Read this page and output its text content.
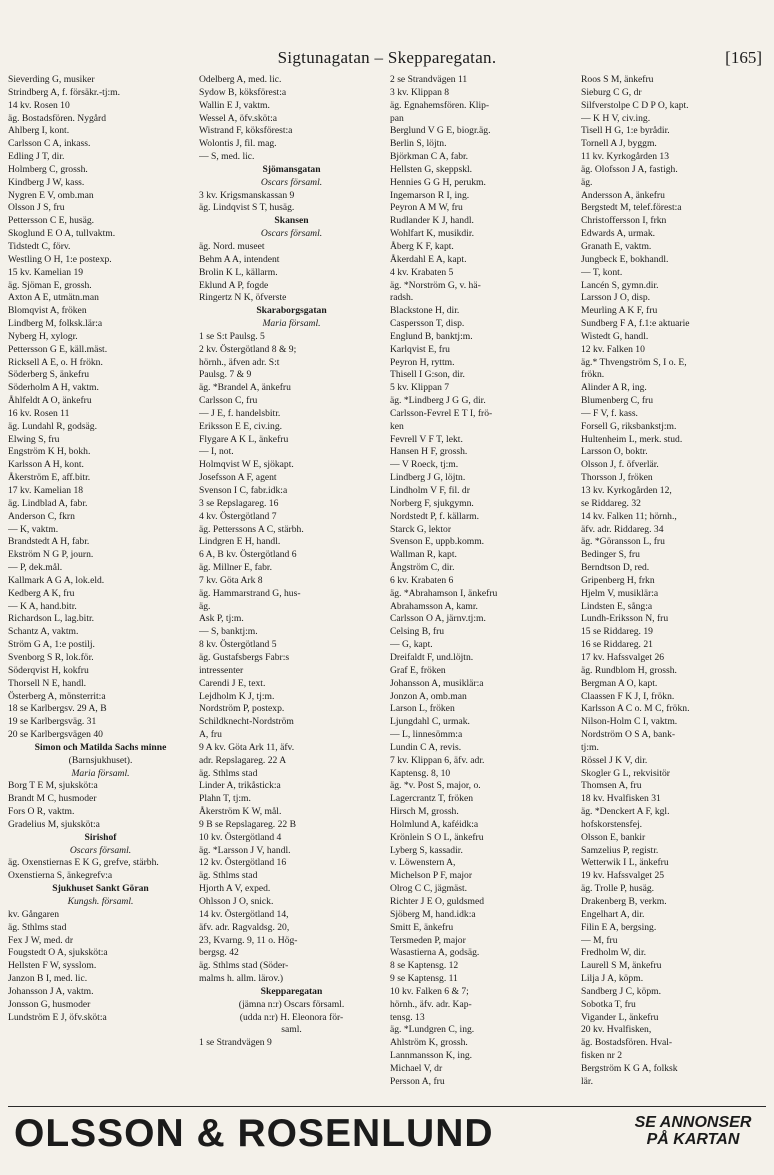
Sigtunagatan – Skepparegatan.	[165]
Sieverding G, musiker
Strindberg A, f. försäkr.-tj:m.
14 kv. Rosen 10
äg. Bostadsfören. Nygård
Ahlberg I, kont.
Carlsson C A, inkass.
Edling J T, dir.
Holmberg C, grossh.
Kindberg J W, kass.
Nygren E V, omb.man
Olsson J S, fru
Pettersson C E, husäg.
Skoglund E O A, tullvaktm.
Tidstedt C, förv.
Westling O H, 1:e postexp.
15 kv. Kamelian 19
äg. Sjöman E, grossh.
Axton A E, utmätn.man
Blomqvist A, fröken
Lindberg M, folksk.lär:a
Nyberg H, xylogr.
Pettersson G E, käll.mäst.
Ricksell A E, o. H frökn.
Söderberg S, änkefru
Söderholm A H, vaktm.
Åhlfeldt A O, änkefru
16 kv. Rosen 11
äg. Lundahl R, godsäg.
Elwing S, fru
Engström K H, bokh.
Karlsson A H, kont.
Åkerström E, aff.bitr.
17 kv. Kamelian 18
äg. Lindblad A, fabr.
Anderson C, fkrn
— K, vaktm.
Brandstedt A H, fabr.
Ekström N G P, journ.
— P, dek.mål.
Kallmark A G A, lok.eld.
Kedberg A K, fru
— K A, hand.bitr.
Richardson L, lag.bitr.
Schantz A, vaktm.
Ström G A, 1:e postilj.
Svenborg S R, lok.för.
Söderqvist H, kokfru
Thorsell N E, handl.
Österberg A, mönsterrit:a
18 se Karlbergsv. 29 A, B
19 se Karlbergsväg. 31
20 se Karlbergsvägen 40
Simon och Matilda Sachs minne
(Barnsjukhuset).
Maria församl.
Borg T E M, sjuksköt:a
Brandt M C, husmoder
Fors O R, vaktm.
Gradelius M, sjuksköt:a
Sirishof
Oscars församl.
äg. Oxenstiernas E K G, grefve, stärbh.
Oxenstierna S, änkegrefv:a
Sjukhuset Sankt Göran
Kungsh. församl.
kv. Gångaren
äg. Sthlms stad
Fex J W, med. dr
Fougstedt O A, sjuksköt:a
Hellsten F W, sysslom.
Janzon B I, med. lic.
Johansson J A, vaktm.
Jonsson G, husmoder
Lundström E J, öfv.sköt:a
Odelberg A, med. lic.
Sydow B, köksförest:a
Wallin E J, vaktm.
Wessel A, öfv.sköt:a
Wistrand F, köksförest:a
Wolontis J, fil. mag.
— S, med. lic.
Sjömansgatan
Oscars församl.
3 kv. Krigsmanskassan 9
äg. Lindqvist S T, husäg.
Skansen
Oscars församl.
äg. Nord. museet
Behm A A, intendent
Brolin K L, källarm.
Eklund A P, fogde
Ringertz N K, öfverste
Skaraborgsgatan
Maria församl.
1 se S:t Paulsg. 5
2 kv. Östergötland 8 & 9;
hörnh., äfven adr. S:t
Paulsg. 7 & 9
äg. *Brandel A, änkefru
Carlsson C, fru
— J E, f. handelsbitr.
Eriksson E E, civ.ing.
Flygare A K L, änkefru
— I, not.
Holmqvist W E, sjökapt.
Josefsson A F, agent
Svenson I C, fabr.idk:a
3 se Repslagareg. 16
4 kv. Östergötland 7
äg. Petterssons A C, stärbh.
Lindgren E H, handl.
6 A, B kv. Östergötland 6
äg. Millner E, fabr.
7 kv. Göta Ark 8
äg. Hammarstrand G, hus-
äg.
Ask P, tj:m.
— S, banktj:m.
8 kv. Östergötland 5
äg. Gustafsbergs Fabr:s
intressenter
Carendi J E, text.
Lejdholm K J, tj:m.
Nordström P, postexp.
Schildknecht-Nordström
A, fru
9 A kv. Göta Ark 11, äfv.
adr. Repslagareg. 22 A
äg. Sthlms stad
Linder A, trikåstick:a
Plahn T, tj:m.
Åkerström K W, mål.
9 B se Repslagareg. 22 B
10 kv. Östergötland 4
äg. *Larsson J V, handl.
12 kv. Östergötland 16
äg. Sthlms stad
Hjorth A V, exped.
Ohlsson J O, snick.
14 kv. Östergötland 14,
äfv. adr. Ragvaldsg. 20,
23, Kvarng. 9, 11 o. Hög-
bergsg. 42
äg. Sthlms stad (Söder-
malms h. allm. lärov.)
Skepparegatan
(jämna n:r) Oscars församl.
(udda n:r) H. Eleonora för-
saml.
1 se Strandvägen 9
2 se Strandvägen 11
3 kv. Klippan 8
äg. Egnahemsfören. Klip-
pan
Berglund V G E, biogr.äg.
Berlin S, löjtn.
Björkman C A, fabr.
Hellsten G, skeppskl.
Hennies G G H, perukm.
Ingemarson R I, ing.
Peyron A M W, fru
Rudlander K J, handl.
Wohlfart K, musikdir.
Åberg K F, kapt.
Åkerdahl E A, kapt.
4 kv. Krabaten 5
äg. *Norström G, v. hä-
radsh.
Blackstone H, dir.
Caspersson T, disp.
Englund B, banktj:m.
Karlqvist E, fru
Peyron H, ryttm.
Thisell I G:son, dir.
5 kv. Klippan 7
äg. *Lindberg J G G, dir.
Carlsson-Fevrel E T I, frö-
ken
Fevrell V F T, lekt.
Hansen H F, grossh.
— V Roeck, tj:m.
Lindberg J G, löjtn.
Lindholm V F, fil. dr
Norberg F, sjukgymn.
Nordstedt P, f. källarm.
Starck G, lektor
Svenson E, uppb.komm.
Wallman R, kapt.
Ångström C, dir.
6 kv. Krabaten 6
äg. *Abrahamson I, änkefru
Abrahamsson A, kamr.
Carlsson O A, järnv.tj:m.
Celsing B, fru
— G, kapt.
Dreifaldt F, und.löjtn.
Graf E, fröken
Johansson A, musiklär:a
Jonzon A, omb.man
Larson L, fröken
Ljungdahl C, urmak.
— L, linnesömm:a
Lundin C A, revis.
7 kv. Klippan 6, äfv. adr.
Kaptensg. 8, 10
äg. *v. Post S, major, o.
Lagercrantz T, fröken
Hirsch M, grossh.
Holmlund A, kaféidk:a
Krönlein S O L, änkefru
Lyberg S, kassadir.
v. Löwenstern A,
Michelson P F, major
Olrog C C, jägmäst.
Richter J E O, guldsmed
Sjöberg M, hand.idk:a
Smitt E, änkefru
Tersmeden P, major
Wasastierna A, godsäg.
8 se Kaptensg. 12
9 se Kaptensg. 11
10 kv. Falken 6 & 7;
hörnh., äfv. adr. Kap-
tensg. 13
äg. *Lundgren C, ing.
Ahlström K, grossh.
Lannmansson K, ing.
Michael V, dr
Persson A, fru
Roos S M, änkefru
Sieburg C G, dr
Silfverstolpe C D P O, kapt.
— K H V, civ.ing.
Tisell H G, 1:e byrådir.
Tornell A J, byggm.
11 kv. Kyrkogården 13
äg. Olofsson J A, fastigh.
äg.
Andersson A, änkefru
Bergstedt M, telef.förest:a
Christoffersson I, frkn
Edwards A, urmak.
Granath E, vaktm.
Jungbeck E, bokhandl.
— T, kont.
Lancén S, gymn.dir.
Larsson J O, disp.
Meurling A K F, fru
Sundberg F A, f.1:e aktuarie
Wistedt G, handl.
12 kv. Falken 10
äg.* Thvengström S, I o. E,
frökn.
Alinder A R, ing.
Blumenberg C, fru
— F V, f. kass.
Forsell G, riksbankstj:m.
Hultenheim L, merk. stud.
Larsson O, boktr.
Olsson J, f. öfverlär.
Thorsson J, fröken
13 kv. Kyrkogården 12,
se Riddareg. 32
14 kv. Falken 11; hörnh.,
äfv. adr. Riddareg. 34
äg. *Göransson L, fru
Bedinger S, fru
Berndtson D, red.
Gripenberg H, frkn
Hjelm V, musiklär:a
Lindsten E, sång:a
Lundh-Eriksson N, fru
15 se Riddareg. 19
16 se Riddareg. 21
17 kv. Hafssvalget 26
äg. Rundblom H, grossh.
Bergman A O, kapt.
Claassen F K J, I, frökn.
Karlsson A C o. M C, frökn.
Nilson-Holm C I, vaktm.
Nordström O S A, bank-
tj:m.
Rössel J K V, dir.
Skogler G L, rekvisitör
Thomsen A, fru
18 kv. Hvalfisken 31
äg. *Denckert A F, kgl.
hofskorstensfej.
Olsson E, bankir
Samzelius P, registr.
Wetterwik I L, änkefru
19 kv. Hafssvalget 25
äg. Trolle P, husäg.
Drakenberg B, verkm.
Engelhart A, dir.
Filin E A, bergsing.
— M, fru
Fredholm W, dir.
Laurell S M, änkefru
Lilja J A, köpm.
Sandberg J C, köpm.
Sobotka T, fru
Vigander L, änkefru
20 kv. Hvalfisken,
äg. Bostadsfören. Hval-
fisken nr 2
Bergström K G A, folksk
lär.
OLSSON & ROSENLUND	SE ANNONSER
PÅ KARTAN
